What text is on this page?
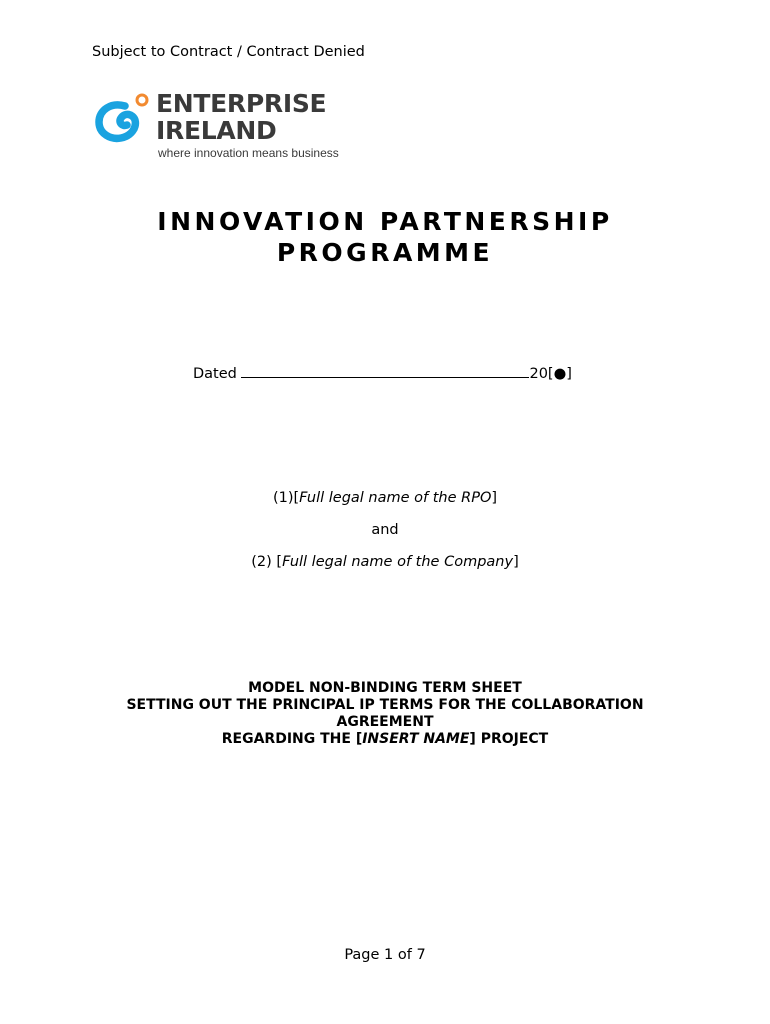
Subject to Contract / Contract Denied
ENTERPRISE
IRELAND
where innovation means business
INNOVATION PARTNERSHIP
PROGRAMME
Dated	20[●]
(1)[Full legal name of the RPO]
and
(2) [Full legal name of the Company]
MODEL NON-BINDING TERM SHEET
SETTING OUT THE PRINCIPAL IP TERMS FOR THE COLLABORATION
AGREEMENT
REGARDING THE [INSERT NAME] PROJECT
Page 1 of 7
